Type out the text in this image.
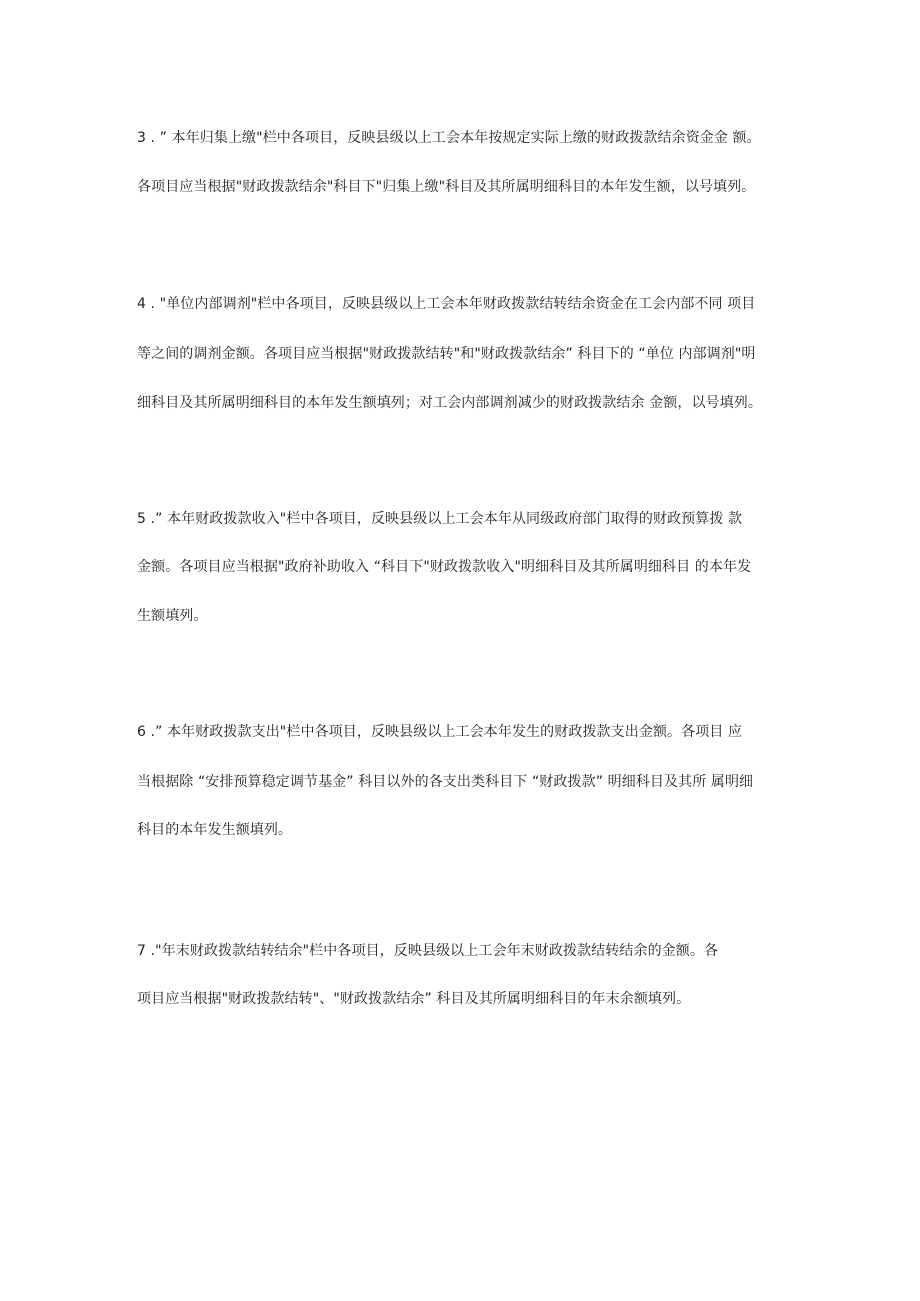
3 . ” 本年归集上缴"栏中各项目，反映县级以上工会本年按规定实际上缴的财政拨款结余资金金 额。
各项目应当根据"财政拨款结余"科目下"归集上缴"科目及其所属明细科目的本年发生额，以号填列。
4 . "单位内部调剂"栏中各项目，反映县级以上工会本年财政拨款结转结余资金在工会内部不同 项目
等之间的调剂金额。各项目应当根据"财政拨款结转"和"财政拨款结余” 科目下的 “单位 内部调剂"明
细科目及其所属明细科目的本年发生额填列；对工会内部调剂减少的财政拨款结余 金额，以号填列。
5 .” 本年财政拨款收入"栏中各项目，反映县级以上工会本年从同级政府部门取得的财政预算拨 款
金额。各项目应当根据"政府补助收入 “科目下"财政拨款收入"明细科目及其所属明细科目 的本年发
生额填列。
6 .” 本年财政拨款支出"栏中各项目，反映县级以上工会本年发生的财政拨款支出金额。各项目 应
当根据除 “安排预算稳定调节基金” 科目以外的各支出类科目下 “财政拨款” 明细科目及其所 属明细
科目的本年发生额填列。
7 ."年末财政拨款结转结余"栏中各项目，反映县级以上工会年末财政拨款结转结余的金额。各
项目应当根据"财政拨款结转"、"财政拨款结余” 科目及其所属明细科目的年末余额填列。
